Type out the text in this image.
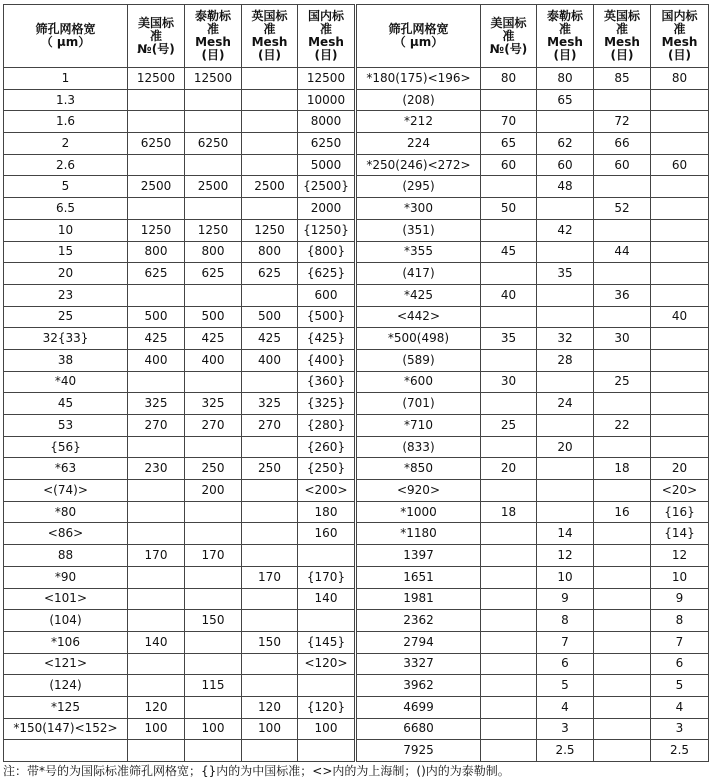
筛孔网格宽
（ μm）	美国标
准
№(号)	泰勒标
准
Mesh
(目)	英国标
准
Mesh
(目)	国内标
准
Mesh
(目)	筛孔网格宽
（ μm）	美国标
准
№(号)	泰勒标
准
Mesh
(目)	英国标
准
Mesh
(目)	国内标
准
Mesh
(目)

1	12500	12500		12500	*180(175)<196>	80	80	85	80
1.3				10000	(208)		65		
1.6				8000	*212	70		72	
2	6250	6250		6250	224	65	62	66	
2.6				5000	*250(246)<272>	60	60	60	60
5	2500	2500	2500	{2500}	(295)		48		
6.5				2000	*300	50		52	
10	1250	1250	1250	{1250}	(351)		42		
15	800	800	800	{800}	*355	45		44	
20	625	625	625	{625}	(417)		35		
23				600	*425	40		36	
25	500	500	500	{500}	<442>				40
32{33}	425	425	425	{425}	*500(498)	35	32	30	
38	400	400	400	{400}	(589)		28		
*40				{360}	*600	30		25	
45	325	325	325	{325}	(701)		24		
53	270	270	270	{280}	*710	25		22	
{56}				{260}	(833)		20		
*63	230	250	250	{250}	*850	20		18	20
<(74)>		200		<200>	<920>				<20>
*80				180	*1000	18		16	{16}
<86>				160	*1180		14		{14}
88	170	170			1397		12		12
*90			170	{170}	1651		10		10
<101>				140	1981		9		9
(104)		150			2362		8		8
*106	140		150	{145}	2794		7		7
<121>				<120>	3327		6		6
(124)		115			3962		5		5
*125	120		120	{120}	4699		4		4
*150(147)<152>	100	100	100	100	6680		3		3
					7925		2.5		2.5
注：带*号的为国际标准筛孔网格宽；{}内的为中国标准；<>内的为上海制；()内的为泰勒制。
